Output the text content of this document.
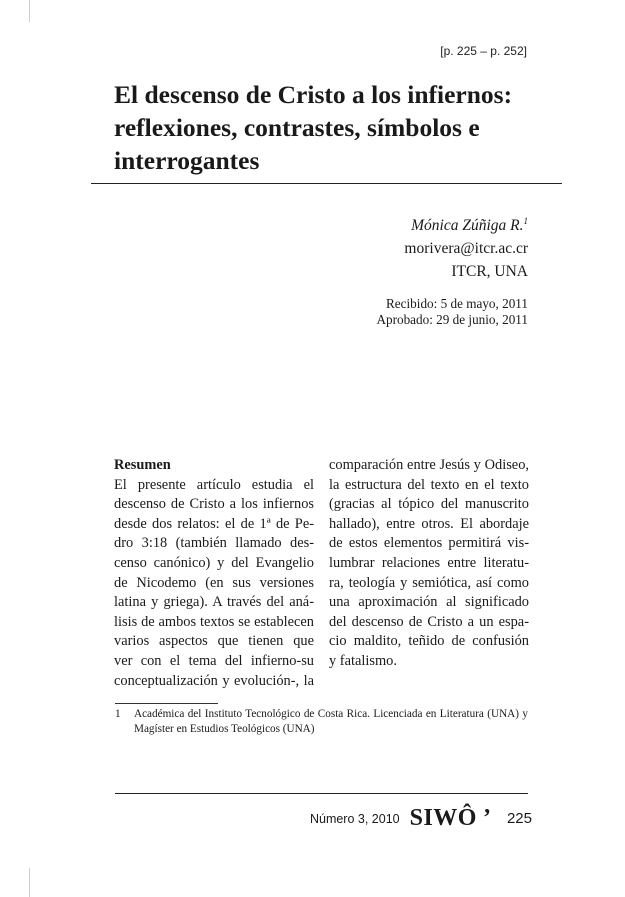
[p. 225 – p. 252]
El descenso de Cristo a los infiernos: reflexiones, contrastes, símbolos e interrogantes
Mónica Zúñiga R.$^1$
morivera@itcr.ac.cr
ITCR, UNA
Recibido: 5 de mayo, 2011
Aprobado: 29 de junio, 2011
Resumen
El presente artículo estudia el
descenso de Cristo a los infiernos
desde dos relatos: el de 1ª de Pe-
dro 3:18 (también llamado des-
censo canónico) y del Evangelio
de Nicodemo (en sus versiones
latina y griega). A través del aná-
lisis de ambos textos se establecen
varios aspectos que tienen que
ver con el tema del infierno-su
conceptualización y evolución-, la
comparación entre Jesús y Odiseo,
la estructura del texto en el texto
(gracias al tópico del manuscrito
hallado), entre otros. El abordaje
de estos elementos permitirá vis-
lumbrar relaciones entre literatu-
ra, teología y semiótica, así como
una aproximación al significado
del descenso de Cristo a un espa-
cio maldito, teñido de confusión
y fatalismo.
1 Académica del Instituto Tecnológico de Costa Rica. Licenciada en Literatura (UNA) y Magíster en Estudios Teológicos (UNA)
Número 3, 2010 SIWÔ ’ 225
